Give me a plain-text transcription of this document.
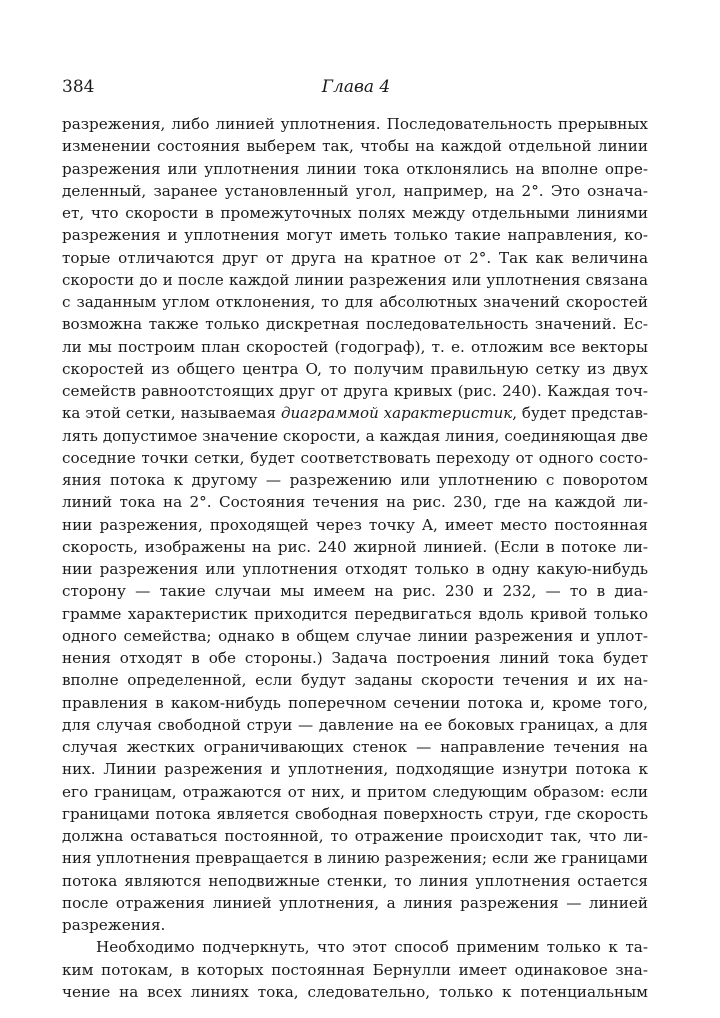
384	Глава 4
разрежения, либо линией уплотнения. Последовательность прерывных
изменении состояния выберем так, чтобы на каждой отдельной линии
разрежения или уплотнения линии тока отклонялись на вполне опре-
деленный, заранее установленный угол, например, на 2°. Это означа-
ет, что скорости в промежуточных полях между отдельными линиями
разрежения и уплотнения могут иметь только такие направления, ко-
торые отличаются друг от друга на кратное от 2°. Так как величина
скорости до и после каждой линии разрежения или уплотнения связана
с заданным углом отклонения, то для абсолютных значений скоростей
возможна также только дискретная последовательность значений. Ес-
ли мы построим план скоростей (годограф), т. е. отложим все векторы
скоростей из общего центра O, то получим правильную сетку из двух
семейств равноотстоящих друг от друга кривых (рис. 240). Каждая точ-
ка этой сетки, называемая диаграммой характеристик, будет представ-
лять допустимое значение скорости, а каждая линия, соединяющая две
соседние точки сетки, будет соответствовать переходу от одного состо-
яния потока к другому — разрежению или уплотнению с поворотом
линий тока на 2°. Состояния течения на рис. 230, где на каждой ли-
нии разрежения, проходящей через точку A, имеет место постоянная
скорость, изображены на рис. 240 жирной линией. (Если в потоке ли-
нии разрежения или уплотнения отходят только в одну какую-нибудь
сторону — такие случаи мы имеем на рис. 230 и 232, — то в диа-
грамме характеристик приходится передвигаться вдоль кривой только
одного семейства; однако в общем случае линии разрежения и уплот-
нения отходят в обе стороны.) Задача построения линий тока будет
вполне определенной, если будут заданы скорости течения и их на-
правления в каком-нибудь поперечном сечении потока и, кроме того,
для случая свободной струи — давление на ее боковых границах, а для
случая жестких ограничивающих стенок — направление течения на
них. Линии разрежения и уплотнения, подходящие изнутри потока к
его границам, отражаются от них, и притом следующим образом: если
границами потока является свободная поверхность струи, где скорость
должна оставаться постоянной, то отражение происходит так, что ли-
ния уплотнения превращается в линию разрежения; если же границами
потока являются неподвижные стенки, то линия уплотнения остается
после отражения линией уплотнения, а линия разрежения — линией
разрежения.
Необходимо подчеркнуть, что этот способ применим только к та-
ким потокам, в которых постоянная Бернулли имеет одинаковое зна-
чение на всех линиях тока, следовательно, только к потенциальным
